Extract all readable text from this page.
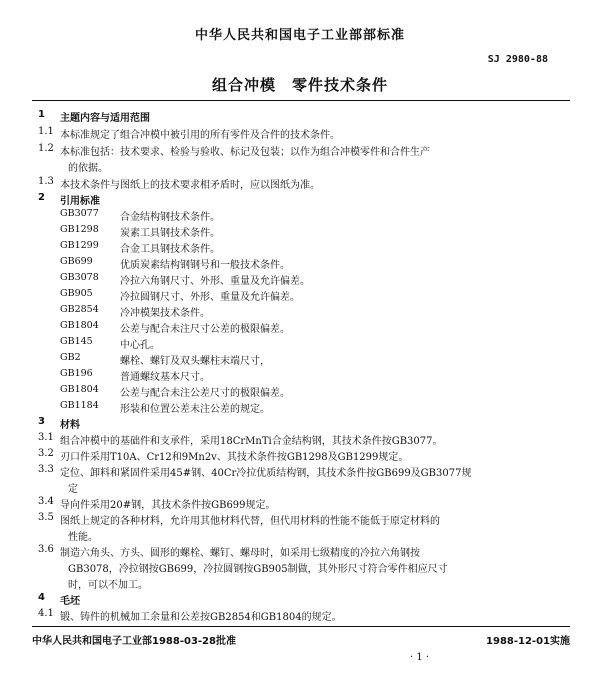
中华人民共和国电子工业部部标准
SJ 2980-88
组合冲模　零件技术条件
1 主题内容与适用范围
1.1 本标准规定了组合冲模中被引用的所有零件及合件的技术条件。
1.2 本标准包括：技术要求、检验与验收、标记及包装；以作为组合冲模零件和合件生产
的依据。
1.3 本技术条件与图纸上的技术要求相矛盾时，应以图纸为准。
2 引用标准
GB3077 合金结构钢技术条件。
GB1298 炭素工具钢技术条件。
GB1299 合金工具钢技术条件。
GB699	优质炭素结构钢钢号和一般技术条件。
GB3078 冷拉六角钢尺寸、外形、重量及允许偏差。
GB905	冷拉圆钢尺寸、外形、重量及允许偏差。
GB2854 冷冲模架技术条件。
GB1804 公差与配合未注尺寸公差的极限偏差。
GB145	中心孔。
GB2	螺栓、螺钉及双头螺柱末端尺寸，
GB196	普通螺纹基本尺寸。
GB1804 公差与配合未注公差尺寸的极限偏差。
GB1184 形装和位置公差未注公差的规定。
3 材料
3.1 组合冲模中的基础件和支承件，采用18CrMnTi合金结构钢，其技术条件按GB3077。
3.2 刃口件采用T10A、Cr12和9Mn2v、其技术条件按GB1298及GB1299规定。
3.3 定位、卸料和紧固件采用45#钢、40Cr冷拉优质结构钢，其技术条件按GB699及GB3077规
定
3.4 导向件采用20#钢，其技术条件按GB699规定。
3.5 图纸上规定的各种材料，允许用其他材料代替，但代用材料的性能不能低于原定材料的
性能。
3.6 制造六角头、方头、圆形的螺栓、螺钉、螺母时，如采用七级精度的冷拉六角钢按
GB3078，冷拉钢按GB699，冷拉圆钢按GB905制做，其外形尺寸符合零件相应尺寸
时，可以不加工。
4 毛坯
4.1 锻、铸件的机械加工余量和公差按GB2854和GB1804的规定。
中华人民共和国电子工业部1988-03-28批准	1988-12-01实施
· 1 ·
